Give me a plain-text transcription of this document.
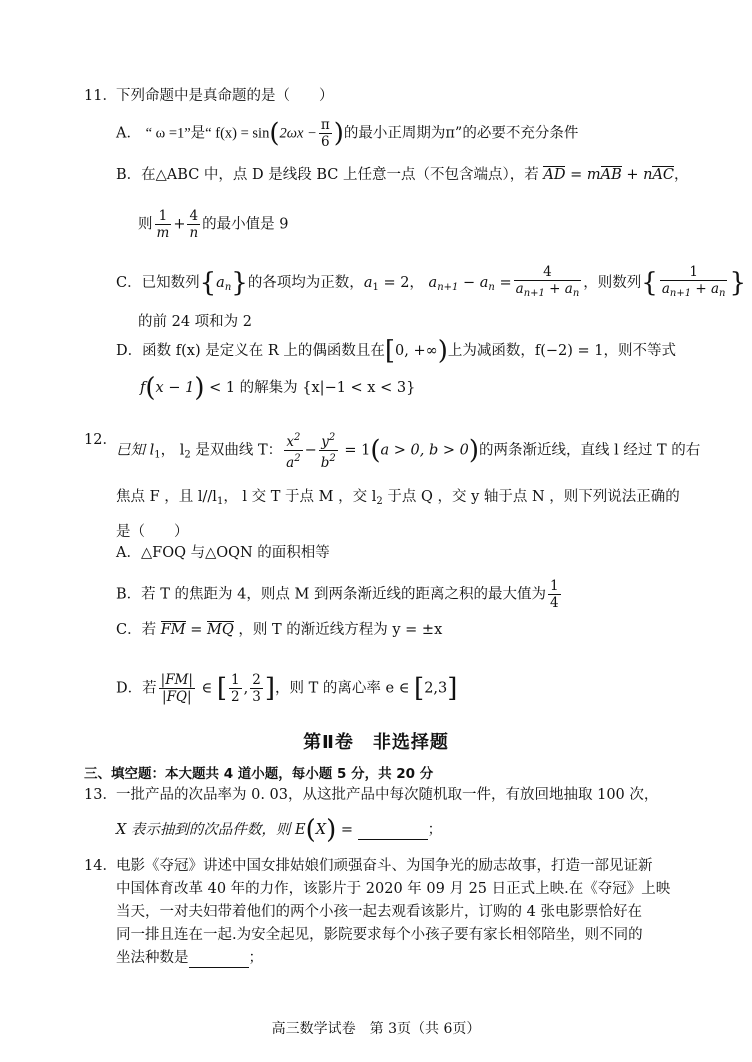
11． 下列命题中是真命题的是（　　）
A． “ ω =1”是“ $f(x) = \sin(2\omega x - \frac{\pi}{6}$ )的最小正周期为π”的必要不充分条件
B．在△ABC 中，点 D 是线段 BC 上任意一点（不包含端点），若 AD = mAB + nAC，
则 $\frac{1}{m} + \frac{4}{n}$ 的最小值是 9
C．已知数列$\{a_n\}$的各项均为正数，$a_1 = 2$， $a_{n+1} - a_n = \frac{4}{a_{n+1} + a_n}$ ，则数列{ $\frac{1}{a_{n+1} + a_n}$ }
的前 24 项和为 2
D．函数 f(x) 是定义在 R 上的偶函数且在[0, +∞)上为减函数，f(−2) = 1，则不等式
f(x − 1) < 1 的解集为 {x|−1 < x < 3}
12．
已知 $l_1$， $l_2$ 是双曲线 T： $\frac{x^2}{a^2} - \frac{y^2}{b^2} = 1(a > 0$, b > 0)的两条渐近线，直线 l 经过 T 的右
焦点 F ，且 $l//l_1$， l 交 T 于点 M ，交 $l_2$ 于点 Q ，交 y 轴于点 N ，则下列说法正确的
是（　　）
A．△FOQ 与△OQN 的面积相等
B．若 T 的焦距为 4，则点 M 到两条渐近线的距离之积的最大值为 $\frac{1}{4}$
C．若 FM = MQ ，则 T 的渐近线方程为 y = ±x
D．若 $\frac{|FM|}{|FQ|}$ ∈ [ $\frac{1}{2}$ , $\frac{2}{3}$ ]，则 T 的离心率 e ∈ [2,3]
第Ⅱ卷　非选择题
三、填空题：本大题共 4 道小题，每小题 5 分，共 20 分
13． 一批产品的次品率为 0. 03，从这批产品中每次随机取一件，有放回地抽取 100 次，
X 表示抽到的次品件数，则 E(X) =	；
14． 电影《夺冠》讲述中国女排姑娘们顽强奋斗、为国争光的励志故事，打造一部见证新
中国体育改革 40 年的力作，该影片于 2020 年 09 月 25 日正式上映.在《夺冠》上映
当天，一对夫妇带着他们的两个小孩一起去观看该影片，订购的 4 张电影票恰好在
同一排且连在一起.为安全起见，影院要求每个小孩子要有家长相邻陪坐，则不同的
坐法种数是	；
高三数学试卷　第 3页（共 6页）
